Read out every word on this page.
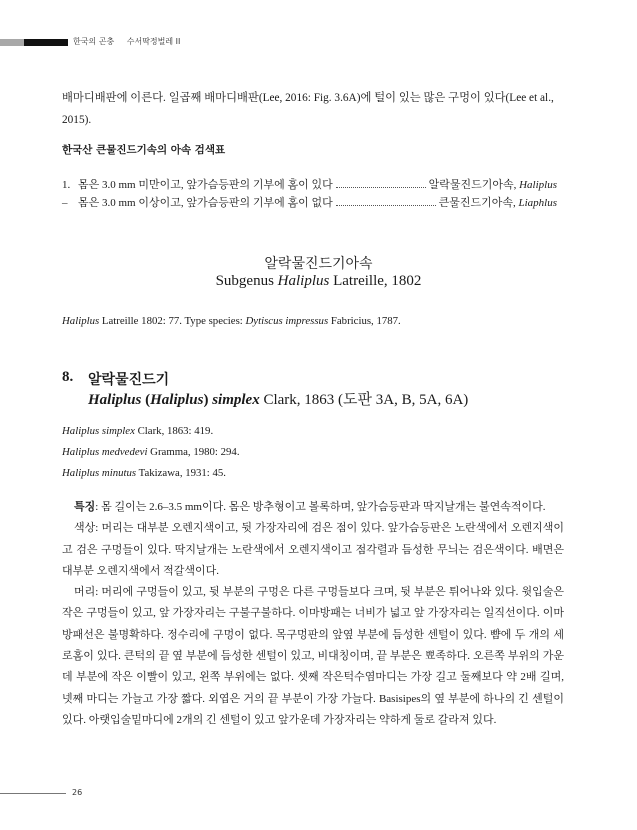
한국의 곤충 수서딱정벌레 II
배마디배판에 이른다. 일곱째 배마디배판(Lee, 2016: Fig. 3.6A)에 털이 있는 많은 구멍이 있다(Lee et al., 2015).
한국산 큰물진드기속의 아속 검색표
1. 몸은 3.0 mm 미만이고, 앞가슴등판의 기부에 홈이 있다	알락물진드기아속, Haliplus
– 몸은 3.0 mm 이상이고, 앞가슴등판의 기부에 홈이 없다	큰물진드기아속, Liaphlus
알락물진드기아속
Subgenus Haliplus Latreille, 1802
Haliplus Latreille 1802: 77. Type species: Dytiscus impressus Fabricius, 1787.
8. 알락물진드기
Haliplus (Haliplus) simplex Clark, 1863 (도판 3A, B, 5A, 6A)
Haliplus simplex Clark, 1863: 419.
Haliplus medvedevi Gramma, 1980: 294.
Haliplus minutus Takizawa, 1931: 45.

특징: 몸 길이는 2.6–3.5 mm이다. 몸은 방추형이고 볼록하며, 앞가슴등판과 딱지날개는 불연속적이다.

색상: 머리는 대부분 오렌지색이고, 뒷 가장자리에 검은 점이 있다. 앞가슴등판은 노란색에서 오렌지색이고 검은 구멍들이 있다. 딱지날개는 노란색에서 오렌지색이고 점각렬과 듬성한 무늬는 검은색이다. 배면은 대부분 오렌지색에서 적갈색이다.

머리: 머리에 구멍들이 있고, 뒷 부분의 구멍은 다른 구멍들보다 크며, 뒷 부분은 튀어나와 있다. 윗입술은 작은 구멍들이 있고, 앞 가장자리는 구불구불하다. 이마방패는 너비가 넓고 앞 가장자리는 일직선이다. 이마방패선은 불명확하다. 정수리에 구멍이 없다. 목구멍판의 앞옆 부분에 듬성한 센털이 있다. 뺨에 두 개의 세로홈이 있다. 큰턱의 끝 옆 부분에 듬성한 센털이 있고, 비대칭이며, 끝 부분은 뾰족하다. 오른쪽 부위의 가운데 부분에 작은 이빨이 있고, 왼쪽 부위에는 없다. 셋째 작은턱수염마디는 가장 길고 둘째보다 약 2배 길며, 넷째 마디는 가늘고 가장 짧다. 외엽은 거의 끝 부분이 가장 가늘다. Basisipes의 옆 부분에 하나의 긴 센털이 있다. 아랫입술밑마디에 2개의 긴 센털이 있고 앞가운데 가장자리는 약하게 둘로 갈라져 있다.

26
